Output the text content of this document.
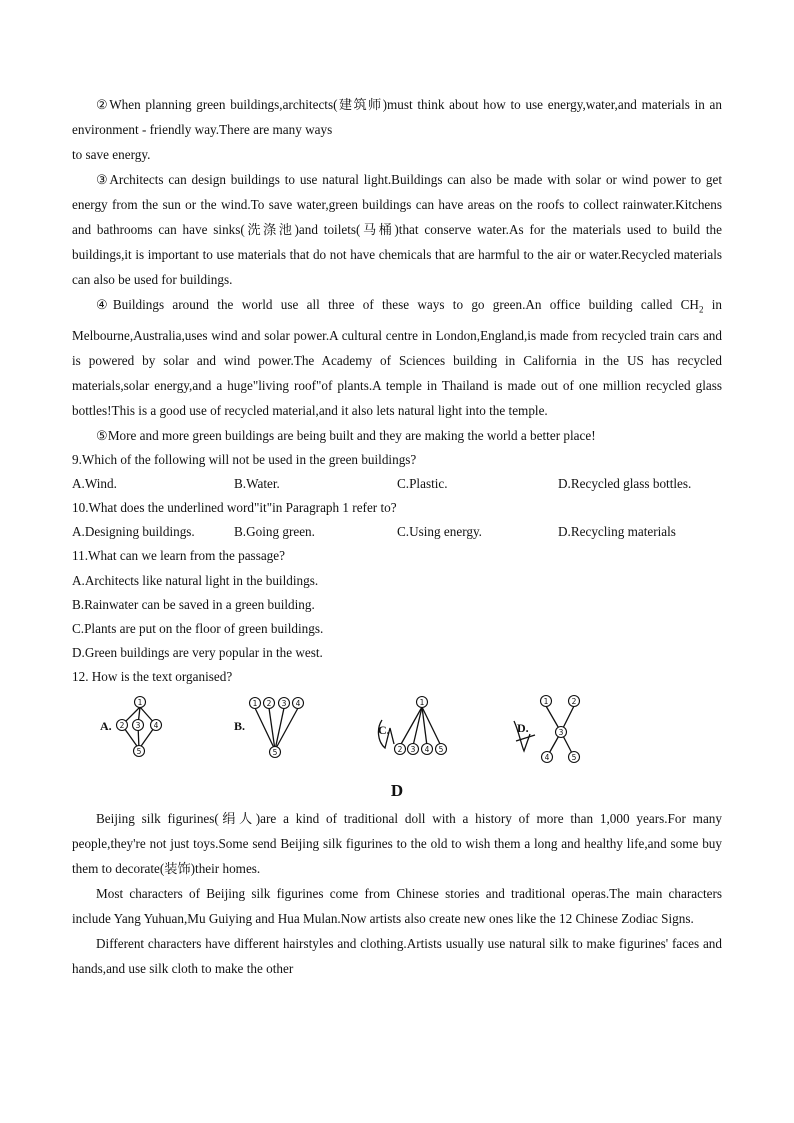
②When planning green buildings,architects(建筑师)must think about how to use energy,water,and materials in an environment - friendly way.There are many ways

to save energy.

③Architects can design buildings to use natural light.Buildings can also be made with solar or wind power to get energy from the sun or the wind.To save water,green buildings can have areas on the roofs to collect rainwater.Kitchens and bathrooms can have sinks(洗涤池)and toilets(马桶)that conserve water.As for the materials used to build the buildings,it is important to use materials that do not have chemicals that are harmful to the air or water.Recycled materials can also be used for buildings.

④Buildings around the world use all three of these ways to go green.An office building called $CH_2$ in Melbourne,Australia,uses wind and solar power.A cultural centre in London,England,is made from recycled train cars and is powered by solar and wind power.The Academy of Sciences building in California in the US has recycled materials,solar energy,and a huge"living roof"of plants.A temple in Thailand is made out of one million recycled glass bottles!This is a good use of recycled material,and it also lets natural light into the temple.

⑤More and more green buildings are being built and they are making the world a better place!

9.Which of the following will not be used in the green buildings?

A.Wind.	B.Water.	C.Plastic.	D.Recycled glass bottles.

10.What does the underlined word"it"in Paragraph 1 refer to?

A.Designing buildings.	B.Going green.	C.Using energy.	D.Recycling materials

11.What can we learn from the passage?

A.Architects like natural light in the buildings.

B.Rainwater can be saved in a green building.

C.Plants are put on the floor of green buildings.

D.Green buildings are very popular in the west.

12. How is the text organised?

1
2 3 4
5
1 2 3 4
5
1
2 3 4 5
1	2
3
4	5
A.	B.	C.	D.

D

Beijing silk figurines(绢人)are a kind of traditional doll with a history of more than 1,000 years.For many people,they're not just toys.Some send Beijing silk figurines to the old to wish them a long and healthy life,and some buy them to decorate(装饰)their homes.

Most characters of Beijing silk figurines come from Chinese stories and traditional operas.The main characters include Yang Yuhuan,Mu Guiying and Hua Mulan.Now artists also create new ones like the 12 Chinese Zodiac Signs.

Different characters have different hairstyles and clothing.Artists usually use natural silk to make figurines' faces and hands,and use silk cloth to make the other
